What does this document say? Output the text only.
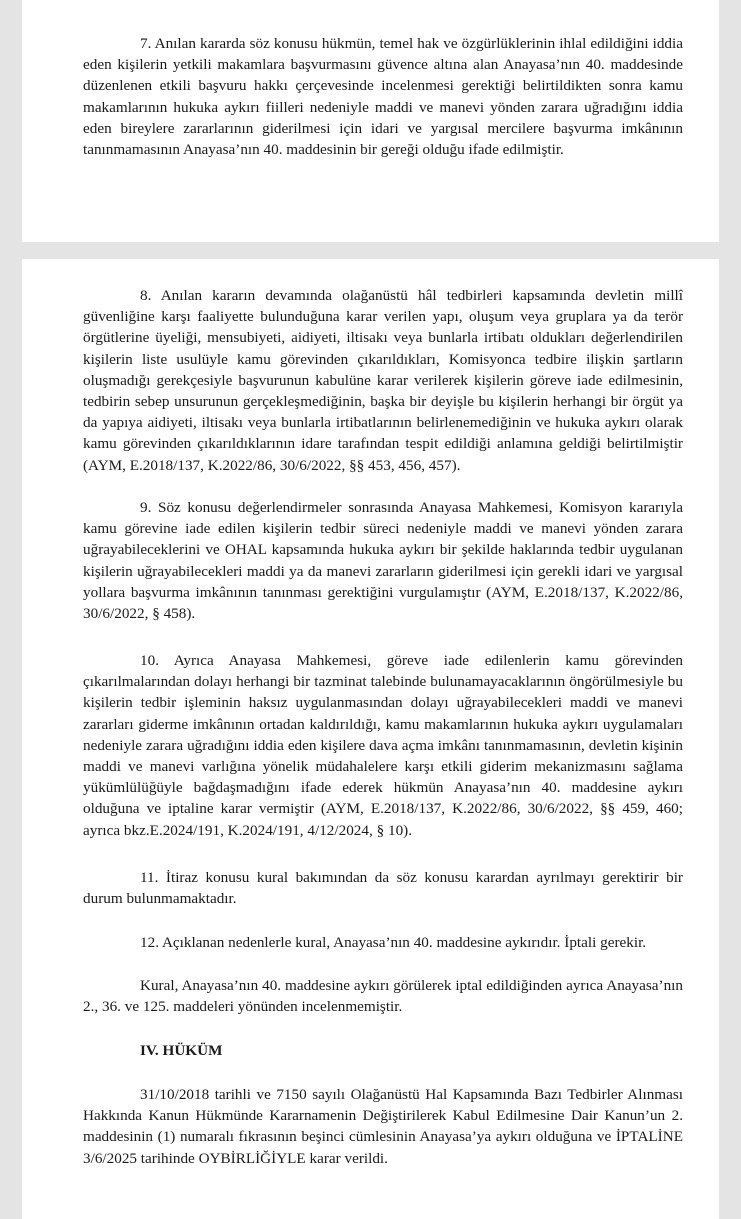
7. Anılan kararda söz konusu hükmün, temel hak ve özgürlüklerinin ihlal edildiğini iddia eden kişilerin yetkili makamlara başvurmasını güvence altına alan Anayasa’nın 40. maddesinde düzenlenen etkili başvuru hakkı çerçevesinde incelenmesi gerektiği belirtildikten sonra kamu makamlarının hukuka aykırı fiilleri nedeniyle maddi ve manevi yönden zarara uğradığını iddia eden bireylere zararlarının giderilmesi için idari ve yargısal mercilere başvurma imkânının tanınmamasının Anayasa’nın 40. maddesinin bir gereği olduğu ifade edilmiştir.

8. Anılan kararın devamında olağanüstü hâl tedbirleri kapsamında devletin millî güvenliğine karşı faaliyette bulunduğuna karar verilen yapı, oluşum veya gruplara ya da terör örgütlerine üyeliği, mensubiyeti, aidiyeti, iltisakı veya bunlarla irtibatı oldukları değerlendirilen kişilerin liste usulüyle kamu görevinden çıkarıldıkları, Komisyonca tedbire ilişkin şartların oluşmadığı gerekçesiyle başvurunun kabulüne karar verilerek kişilerin göreve iade edilmesinin, tedbirin sebep unsurunun gerçekleşmediğinin, başka bir deyişle bu kişilerin herhangi bir örgüt ya da yapıya aidiyeti, iltisakı veya bunlarla irtibatlarının belirlenemediğinin ve hukuka aykırı olarak kamu görevinden çıkarıldıklarının idare tarafından tespit edildiği anlamına geldiği belirtilmiştir (AYM, E.2018/137, K.2022/86, 30/6/2022, §§ 453, 456, 457).

9. Söz konusu değerlendirmeler sonrasında Anayasa Mahkemesi, Komisyon kararıyla kamu görevine iade edilen kişilerin tedbir süreci nedeniyle maddi ve manevi yönden zarara uğrayabileceklerini ve OHAL kapsamında hukuka aykırı bir şekilde haklarında tedbir uygulanan kişilerin uğrayabilecekleri maddi ya da manevi zararların giderilmesi için gerekli idari ve yargısal yollara başvurma imkânının tanınması gerektiğini vurgulamıştır (AYM, E.2018/137, K.2022/86, 30/6/2022, § 458).

10. Ayrıca Anayasa Mahkemesi, göreve iade edilenlerin kamu görevinden çıkarılmalarından dolayı herhangi bir tazminat talebinde bulunamayacaklarının öngörülmesiyle bu kişilerin tedbir işleminin haksız uygulanmasından dolayı uğrayabilecekleri maddi ve manevi zararları giderme imkânının ortadan kaldırıldığı, kamu makamlarının hukuka aykırı uygulamaları nedeniyle zarara uğradığını iddia eden kişilere dava açma imkânı tanınmamasının, devletin kişinin maddi ve manevi varlığına yönelik müdahalelere karşı etkili giderim mekanizmasını sağlama yükümlülüğüyle bağdaşmadığını ifade ederek hükmün Anayasa’nın 40. maddesine aykırı olduğuna ve iptaline karar vermiştir (AYM, E.2018/137, K.2022/86, 30/6/2022, §§ 459, 460; ayrıca bkz.E.2024/191, K.2024/191, 4/12/2024, § 10).

11. İtiraz konusu kural bakımından da söz konusu karardan ayrılmayı gerektirir bir durum bulunmamaktadır.

12. Açıklanan nedenlerle kural, Anayasa’nın 40. maddesine aykırıdır. İptali gerekir.

Kural, Anayasa’nın 40. maddesine aykırı görülerek iptal edildiğinden ayrıca Anayasa’nın 2., 36. ve 125. maddeleri yönünden incelenmemiştir.

IV. HÜKÜM

31/10/2018 tarihli ve 7150 sayılı Olağanüstü Hal Kapsamında Bazı Tedbirler Alınması Hakkında Kanun Hükmünde Kararnamenin Değiştirilerek Kabul Edilmesine Dair Kanun’un 2. maddesinin (1) numaralı fıkrasının beşinci cümlesinin Anayasa’ya aykırı olduğuna ve İPTALİNE 3/6/2025 tarihinde OYBİRLİĞİYLE karar verildi.
